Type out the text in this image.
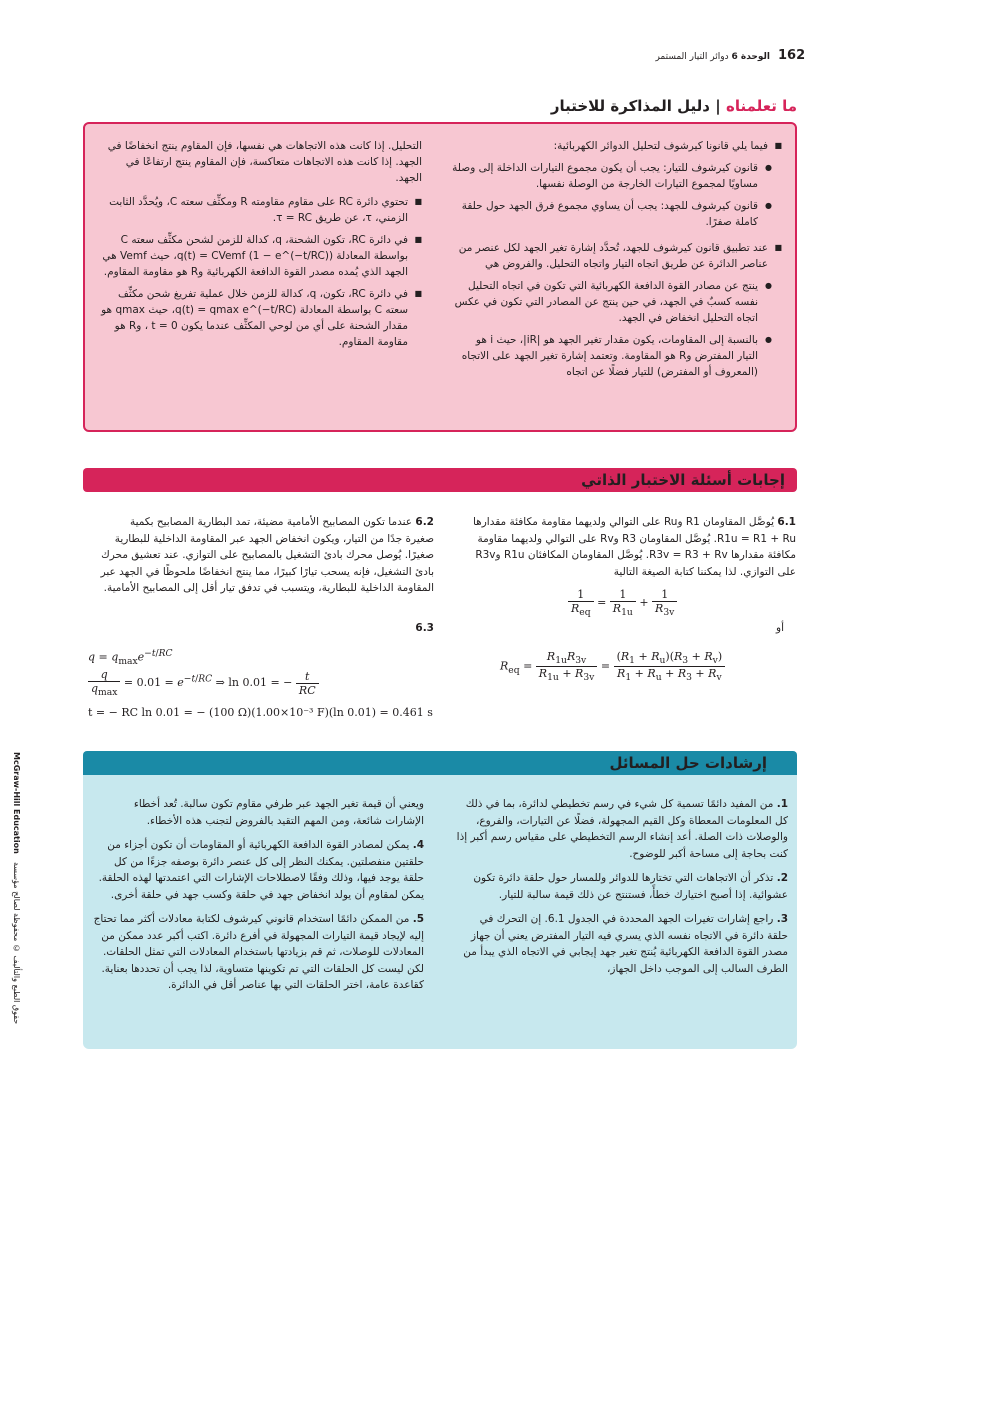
162
الوحدة 6 دوائر التيار المستمر
ما تعلمناه | دليل المذاكرة للاختبار
■ فيما يلي قانونا كيرشوف لتحليل الدوائر الكهربائية:
● قانون كيرشوف للتيار: يجب أن يكون مجموع التيارات الداخلة إلى وصلة مساويًا لمجموع التيارات الخارجة من الوصلة نفسها.
● قانون كيرشوف للجهد: يجب أن يساوي مجموع فرق الجهد حول حلقة كاملة صفرًا.
■ عند تطبيق قانون كيرشوف للجهد، تُحدَّد إشارة تغير الجهد لكل عنصر من عناصر الدائرة عن طريق اتجاه التيار واتجاه التحليل. والفروض هي
● ينتج عن مصادر القوة الدافعة الكهربائية التي تكون في اتجاه التحليل نفسه كسبٌ في الجهد، في حين ينتج عن المصادر التي تكون في عكس اتجاه التحليل انخفاض في الجهد.
● بالنسبة إلى المقاومات، يكون مقدار تغير الجهد هو |iR|، حيث i هو التيار المفترض وR هو المقاومة. وتعتمد إشارة تغير الجهد على الاتجاه (المعروف أو المفترض) للتيار فضلًا عن اتجاه

التحليل. إذا كانت هذه الاتجاهات هي نفسها، فإن المقاوم ينتج انخفاضًا في الجهد. إذا كانت هذه الاتجاهات متعاكسة، فإن المقاوم ينتج ارتفاعًا في الجهد.

■ تحتوي دائرة RC على مقاوم مقاومته R ومكثِّف سعته C، ويُحدَّد الثابت الزمني، τ، عن طريق τ = RC.
■ في دائرة RC، تكون الشحنة، q، كدالة للزمن لشحن مكثِّف سعته C بواسطة المعادلة q(t) = CVemf (1 − e^(−t/RC))، حيث Vemf هي الجهد الذي يُمده مصدر القوة الدافعة الكهربائية وR هو مقاومة المقاوم.
■ في دائرة RC، تكون، q، كدالة للزمن خلال عملية تفريغ شحن مكثِّف سعته C بواسطة المعادلة q(t) = qmax e^(−t/RC)، حيث qmax هو مقدار الشحنة على أي من لوحي المكثِّف عندما يكون t = 0 ، وR هو مقاومة المقاوم.
إجابات أسئلة الاختبار الذاتي
6.1 يُوصَّل المقاومان R1 وRu على التوالي ولديهما مقاومة مكافئة مقدارها R1u = R1 + Ru. يُوصَّل المقاومان R3 وRv على التوالي ولديهما مقاومة مكافئة مقدارها R3v = R3 + Rv. يُوصَّل المقاومان المكافئان R1u وR3v على التوازي. لذا يمكننا كتابة الصيغة التالية
1
$R_{eq}$
= $\frac{1}{R_{1u}} + \frac{1}{R_{3v}}$
أو
$R_{eq} = \frac{R_{1u}R_{3v}}{R_{1u} + R_{3v}} = \frac{(R_1 + R_u)(R_3 + R_v)}{R_1 + R_u + R_3 + R_v}$
6.2 عندما تكون المصابيح الأمامية مضيئة، تمد البطارية المصابيح بكمية صغيرة جدًا من التيار، ويكون انخفاض الجهد عبر المقاومة الداخلية للبطارية صغيرًا. يُوصل محرك بادئ التشغيل بالمصابيح على التوازي. عند تعشيق محرك بادئ التشغيل، فإنه يسحب تيارًا كبيرًا، مما ينتج انخفاضًا ملحوظًا في الجهد عبر المقاومة الداخلية للبطارية، ويتسبب في تدفق تيار أقل إلى المصابيح الأمامية.
6.3
$q = q_{max}e^{-t/RC}$
q
$q_{max}$
= $0.01 = e^{-t/RC}$ ⇒ ln 0.01 = − $\frac{t}{RC}$
t = − RC ln 0.01 = − (100 Ω)(1.00×10⁻³ F)(ln 0.01) = 0.461 s
إرشادات حل المسائل

1. من المفيد دائمًا تسمية كل شيء في رسم تخطيطي لدائرة، بما في ذلك كل المعلومات المعطاة وكل القيم المجهولة، فضلًا عن التيارات، والفروع، والوصلات ذات الصلة. أعد إنشاء الرسم التخطيطي على مقياس رسم أكبر إذا كنت بحاجة إلى مساحة أكبر للوضوح.

2. تذكر أن الاتجاهات التي تختارها للدوائر وللمسار حول حلقة دائرة تكون عشوائية. إذا أصبح اختيارك خطأً، فستنتج عن ذلك قيمة سالبة للتيار.

3. راجع إشارات تغيرات الجهد المحددة في الجدول 6.1. إن التحرك في حلقة دائرة في الاتجاه نفسه الذي يسري فيه التيار المفترض يعني أن جهاز مصدر القوة الدافعة الكهربائية يُنتج تغير جهد إيجابي في الاتجاه الذي يبدأ من الطرف السالب إلى الموجب داخل الجهاز،

ويعني أن قيمة تغير الجهد عبر طرفي مقاوم تكون سالبة. تُعد أخطاء الإشارات شائعة، ومن المهم التقيد بالفروض لتجنب هذه الأخطاء.

4. يمكن لمصادر القوة الدافعة الكهربائية أو المقاومات أن تكون أجزاء من حلقتين منفصلتين. يمكنك النظر إلى كل عنصر دائرة بوصفه جزءًا من كل حلقة يوجد فيها، وذلك وفقًا لاصطلاحات الإشارات التي اعتمدتها لهذه الحلقة. يمكن لمقاوم أن يولد انخفاض جهد في حلقة وكسب جهد في حلقة أخرى.

5. من الممكن دائمًا استخدام قانوني كيرشوف لكتابة معادلات أكثر مما تحتاج إليه لإيجاد قيمة التيارات المجهولة في أفرع دائرة. اكتب أكبر عدد ممكن من المعادلات للوصلات، ثم قم بزيادتها باستخدام المعادلات التي تمثل الحلقات. لكن ليست كل الحلقات التي تم تكوينها متساوية، لذا يجب أن تحددها بعناية. كقاعدة عامة، اختر الحلقات التي بها عناصر أقل في الدائرة.

McGraw-Hill Education حقوق الطبع والتأليف © محفوظة لصالح مؤسسة
